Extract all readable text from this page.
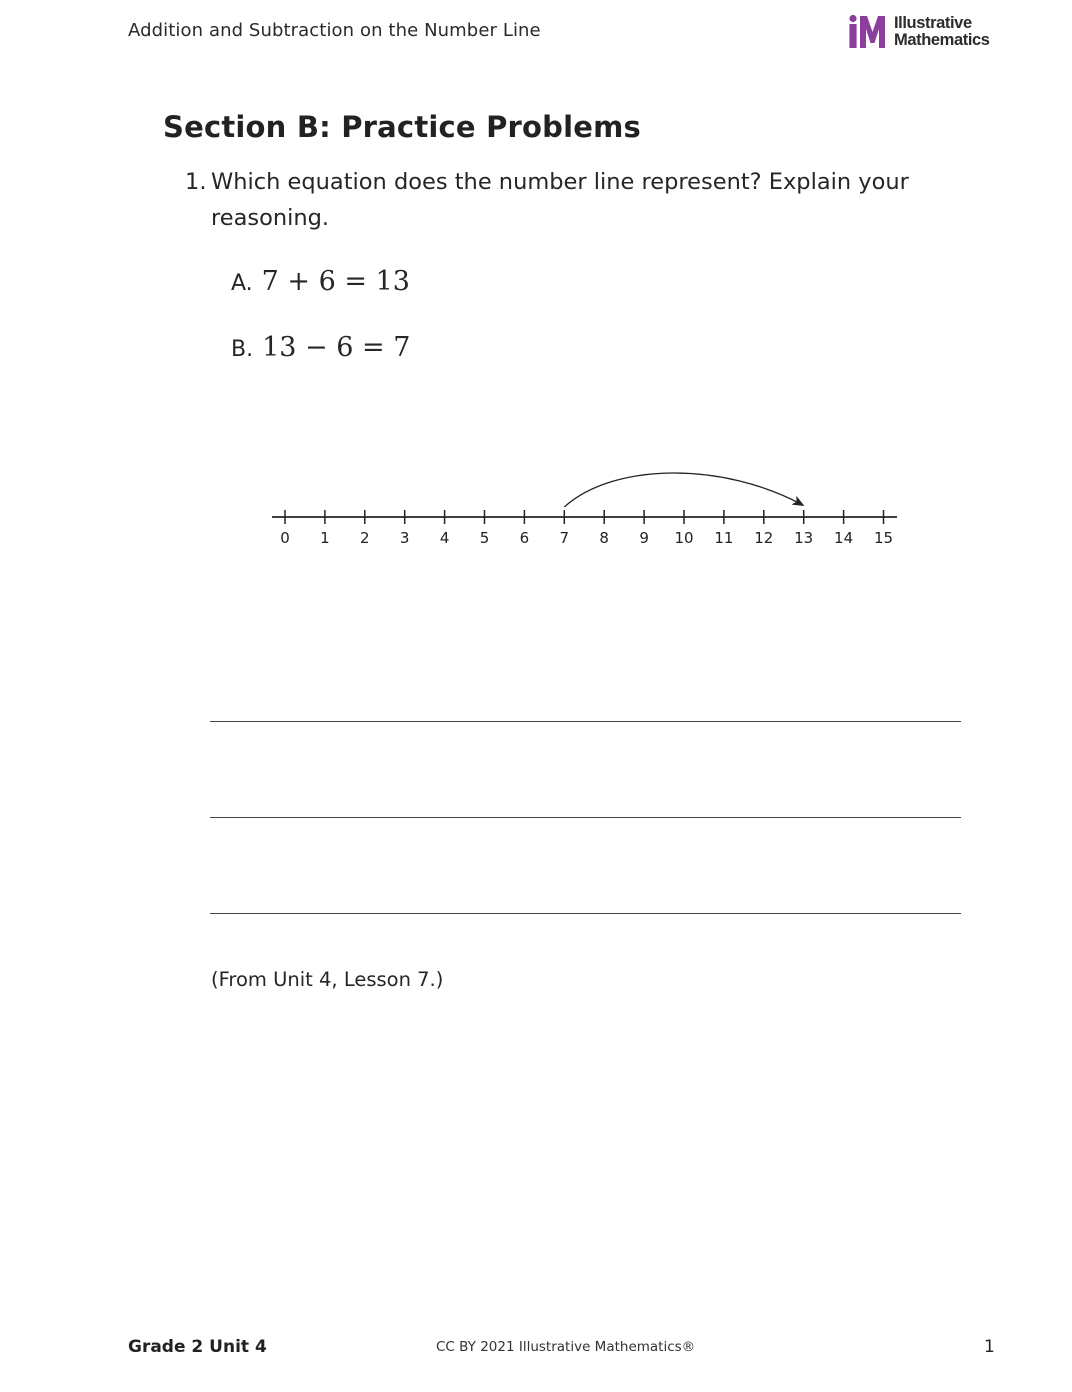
Addition and Subtraction on the Number Line	Illustrative
Mathematics
Section B: Practice Problems
1. Which equation does the number line represent? Explain your reasoning.
A. 7 + 6 = 13
B. 13 − 6 = 7
0 1 2 3 4 5 6 7 8 9 10 11 12 13 14 15
(From Unit 4, Lesson 7.)
Grade 2 Unit 4	CC BY 2021 Illustrative Mathematics®	1
